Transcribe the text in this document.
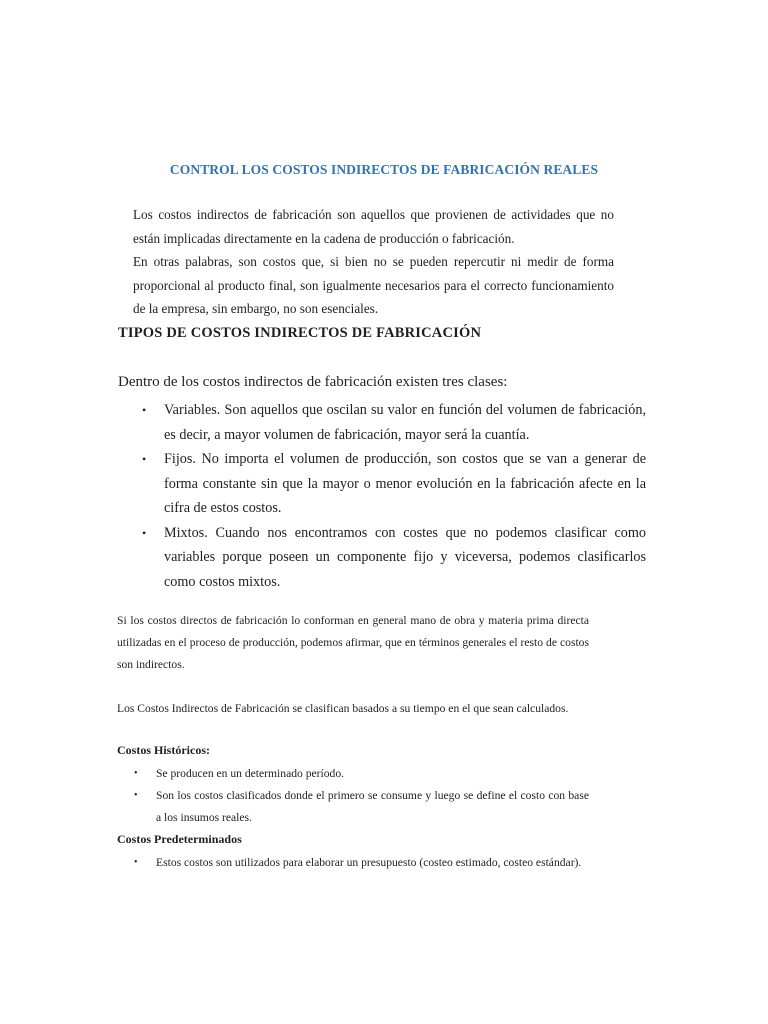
CONTROL LOS COSTOS INDIRECTOS DE FABRICACIÓN REALES

Los costos indirectos de fabricación son aquellos que provienen de actividades que no están implicadas directamente en la cadena de producción o fabricación.

En otras palabras, son costos que, si bien no se pueden repercutir ni medir de forma proporcional al producto final, son igualmente necesarios para el correcto funcionamiento de la empresa, sin embargo, no son esenciales.

TIPOS DE COSTOS INDIRECTOS DE FABRICACIÓN

Dentro de los costos indirectos de fabricación existen tres clases:

• Variables. Son aquellos que oscilan su valor en función del volumen de fabricación, es decir, a mayor volumen de fabricación, mayor será la cuantía.
• Fijos. No importa el volumen de producción, son costos que se van a generar de forma constante sin que la mayor o menor evolución en la fabricación afecte en la cifra de estos costos.
• Mixtos. Cuando nos encontramos con costes que no podemos clasificar como variables porque poseen un componente fijo y viceversa, podemos clasificarlos como costos mixtos.

Si los costos directos de fabricación lo conforman en general mano de obra y materia prima directa utilizadas en el proceso de producción, podemos afirmar, que en términos generales el resto de costos son indirectos.

Los Costos Indirectos de Fabricación se clasifican basados a su tiempo en el que sean calculados.

Costos Históricos:
• Se producen en un determinado período.
• Son los costos clasificados donde el primero se consume y luego se define el costo con base a los insumos reales.
Costos Predeterminados
• Estos costos son utilizados para elaborar un presupuesto (costeo estimado, costeo estándar).
